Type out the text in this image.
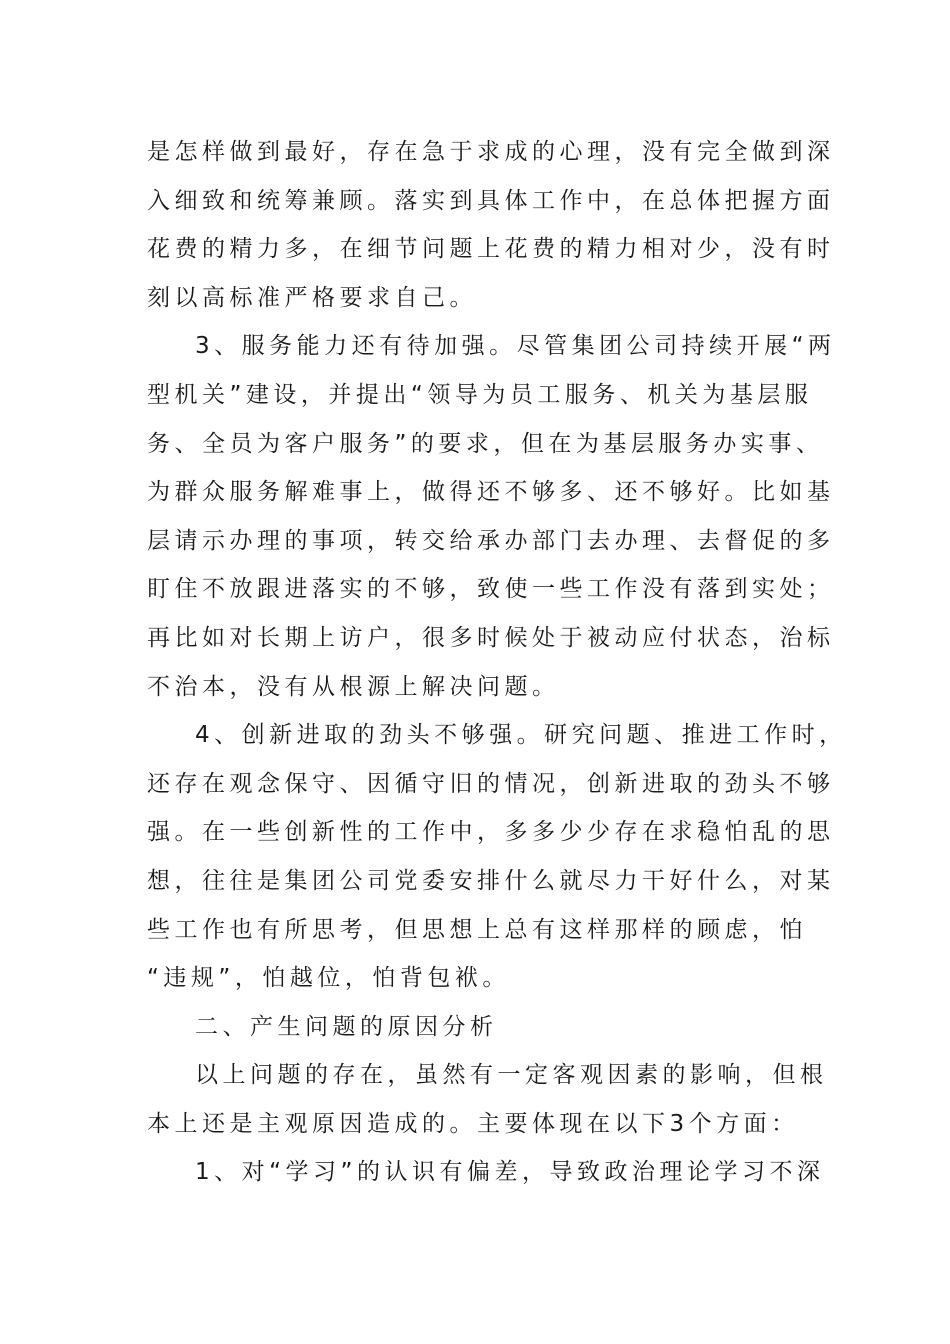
是怎样做到最好，存在急于求成的心理，没有完全做到深
入细致和统筹兼顾。落实到具体工作中，在总体把握方面
花费的精力多，在细节问题上花费的精力相对少，没有时
刻以高标准严格要求自己。
3、服务能力还有待加强。尽管集团公司持续开展“两
型机关”建设，并提出“领导为员工服务、机关为基层服
务、全员为客户服务”的要求，但在为基层服务办实事、
为群众服务解难事上，做得还不够多、还不够好。比如基
层请示办理的事项，转交给承办部门去办理、去督促的多
盯住不放跟进落实的不够，致使一些工作没有落到实处；
再比如对长期上访户，很多时候处于被动应付状态，治标
不治本，没有从根源上解决问题。
4、创新进取的劲头不够强。研究问题、推进工作时，
还存在观念保守、因循守旧的情况，创新进取的劲头不够
强。在一些创新性的工作中，多多少少存在求稳怕乱的思
想，往往是集团公司党委安排什么就尽力干好什么，对某
些工作也有所思考，但思想上总有这样那样的顾虑，怕
“违规”，怕越位，怕背包袱。
二、产生问题的原因分析
以上问题的存在，虽然有一定客观因素的影响，但根
本上还是主观原因造成的。主要体现在以下3个方面：
1、对“学习”的认识有偏差，导致政治理论学习不深
